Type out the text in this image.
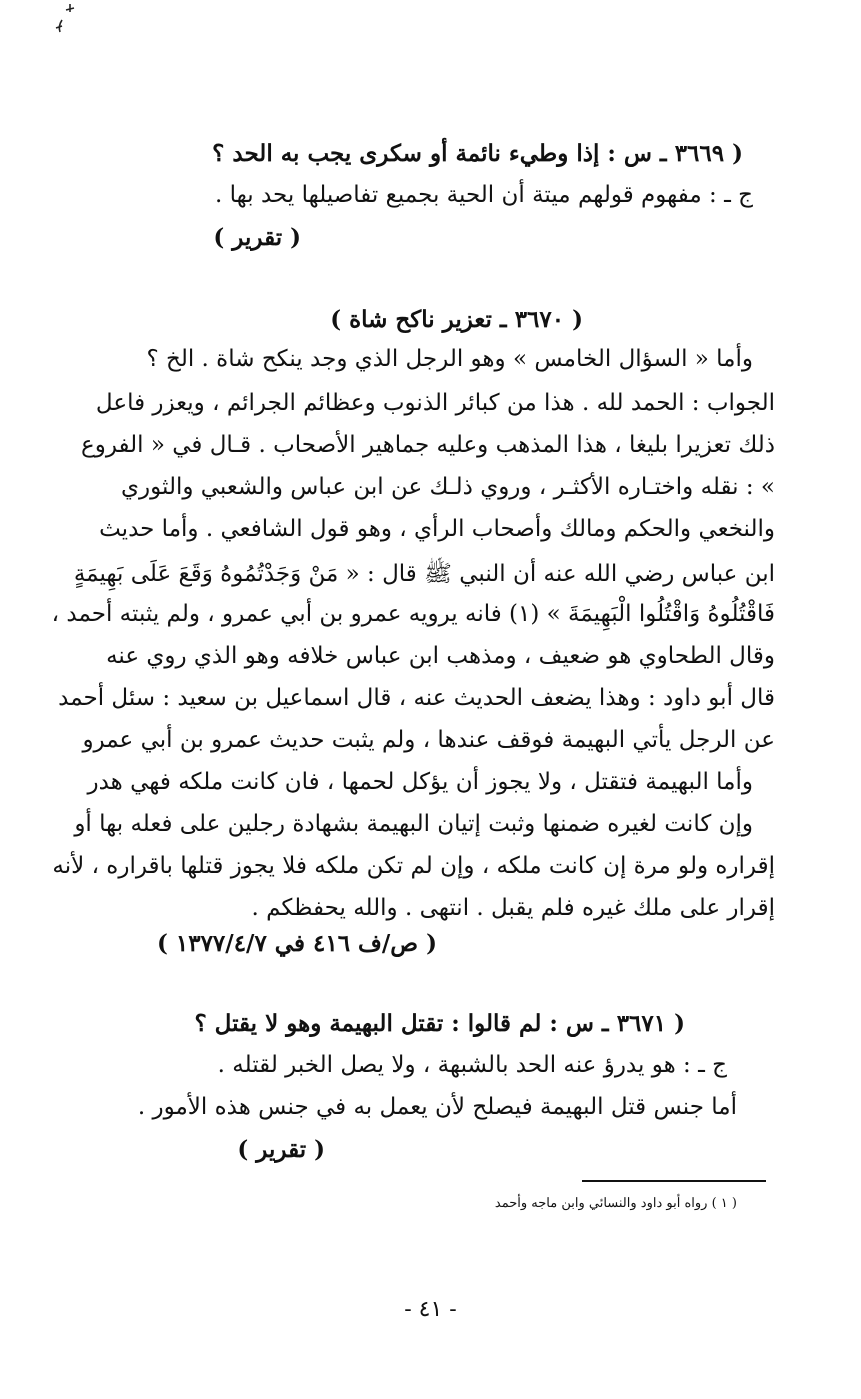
( ٣٦٦٩ ـ س : إذا وطيء نائمة أو سكرى يجب به الحد ؟
ج ـ : مفهوم قولهم ميتة أن الحية بجميع تفاصيلها يحد بها .
( تقرير )
( ٣٦٧٠ ـ تعزير ناكح شاة )
وأما « السؤال الخامس » وهو الرجل الذي وجد ينكح شاة . الخ ؟
الجواب : الحمد لله . هذا من كبائر الذنوب وعظائم الجرائم ، ويعزر فاعل
ذلك تعزيرا بليغا ، هذا المذهب وعليه جماهير الأصحاب . قـال في « الفروع
» : نقله واختـاره الأكثـر ، وروي ذلـك عن ابن عباس والشعبي والثوري
والنخعي والحكم ومالك وأصحاب الرأي ، وهو قول الشافعي . وأما حديث
ابن عباس رضي الله عنه أن النبي ﷺ قال : « مَنْ وَجَدْتُمُوهُ وَقَعَ عَلَى بَهِيمَةٍ
فَاقْتُلُوهُ وَاقْتُلُوا الْبَهِيمَةَ » (١) فانه يرويه عمرو بن أبي عمرو ، ولم يثبته أحمد ،
وقال الطحاوي هو ضعيف ، ومذهب ابن عباس خلافه وهو الذي روي عنه
قال أبو داود : وهذا يضعف الحديث عنه ، قال اسماعيل بن سعيد : سئل أحمد
عن الرجل يأتي البهيمة فوقف عندها ، ولم يثبت حديث عمرو بن أبي عمرو
وأما البهيمة فتقتل ، ولا يجوز أن يؤكل لحمها ، فان كانت ملكه فهي هدر
وإن كانت لغيره ضمنها وثبت إتيان البهيمة بشهادة رجلين على فعله بها أو
إقراره ولو مرة إن كانت ملكه ، وإن لم تكن ملكه فلا يجوز قتلها باقراره ، لأنه
إقرار على ملك غيره فلم يقبل . انتهى . والله يحفظكم .
( ص/ف ٤١٦ في ١٣٧٧/٤/٧ )
( ٣٦٧١ ـ س : لم قالوا : تقتل البهيمة وهو لا يقتل ؟
ج ـ : هو يدرؤ عنه الحد بالشبهة ، ولا يصل الخبر لقتله .
أما جنس قتل البهيمة فيصلح لأن يعمل به في جنس هذه الأمور .
( تقرير )
( ١ ) رواه أبو داود والنسائي وابن ماجه وأحمد
- ٤١ -
